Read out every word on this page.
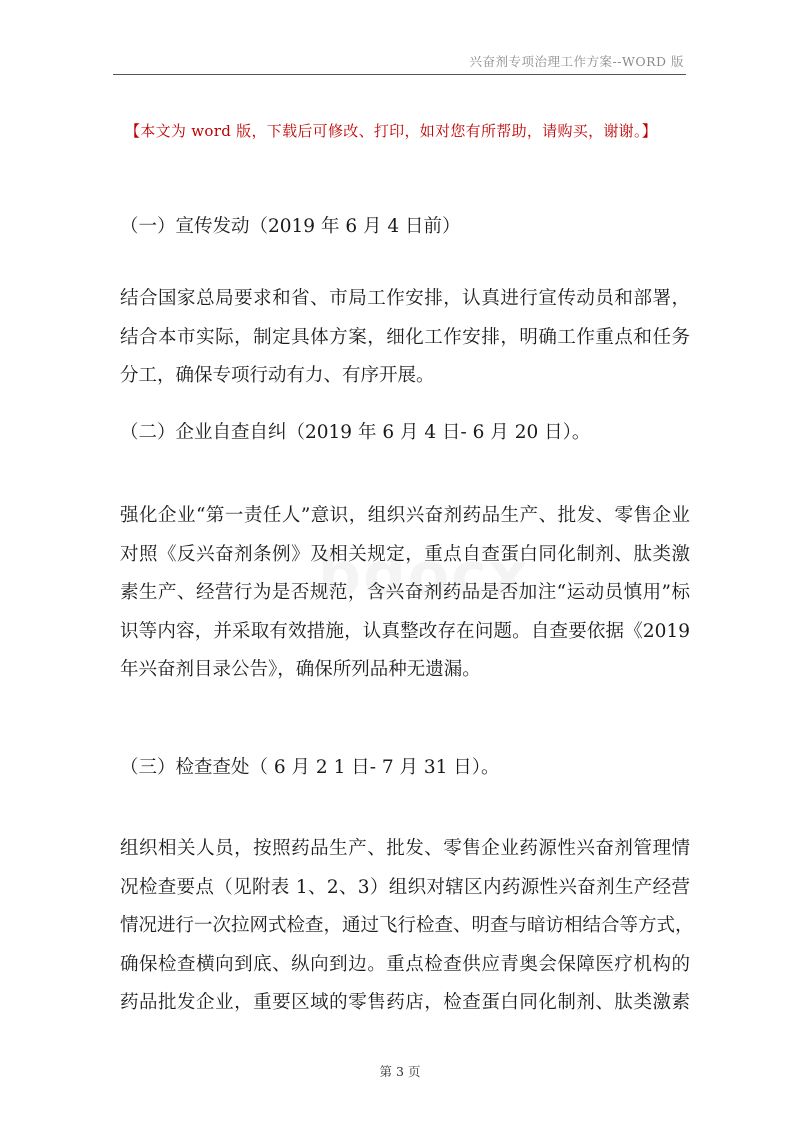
兴奋剂专项治理工作方案--WORD 版
【本文为 word 版，下载后可修改、打印，如对您有所帮助，请购买，谢谢。】
（一）宣传发动（2019 年 6 月 4 日前）
结合国家总局要求和省、市局工作安排，认真进行宣传动员和部署，
结合本市实际，制定具体方案，细化工作安排，明确工作重点和任务
分工，确保专项行动有力、有序开展。
（二）企业自查自纠（2019 年 6 月 4 日- 6 月 20 日）。
强化企业“第一责任人”意识，组织兴奋剂药品生产、批发、零售企业
对照《反兴奋剂条例》及相关规定，重点自查蛋白同化制剂、肽类激
素生产、经营行为是否规范，含兴奋剂药品是否加注“运动员慎用”标
识等内容，并采取有效措施，认真整改存在问题。自查要依据《2019
年兴奋剂目录公告》，确保所列品种无遗漏。
（三）检查查处（ 6 月 2 1 日- 7 月 31 日）。
组织相关人员，按照药品生产、批发、零售企业药源性兴奋剂管理情
况检查要点（见附表 1、2、3）组织对辖区内药源性兴奋剂生产经营
情况进行一次拉网式检查，通过飞行检查、明查与暗访相结合等方式，
确保检查横向到底、纵向到边。重点检查供应青奥会保障医疗机构的
药品批发企业，重要区域的零售药店，检查蛋白同化制剂、肽类激素
第 3 页
